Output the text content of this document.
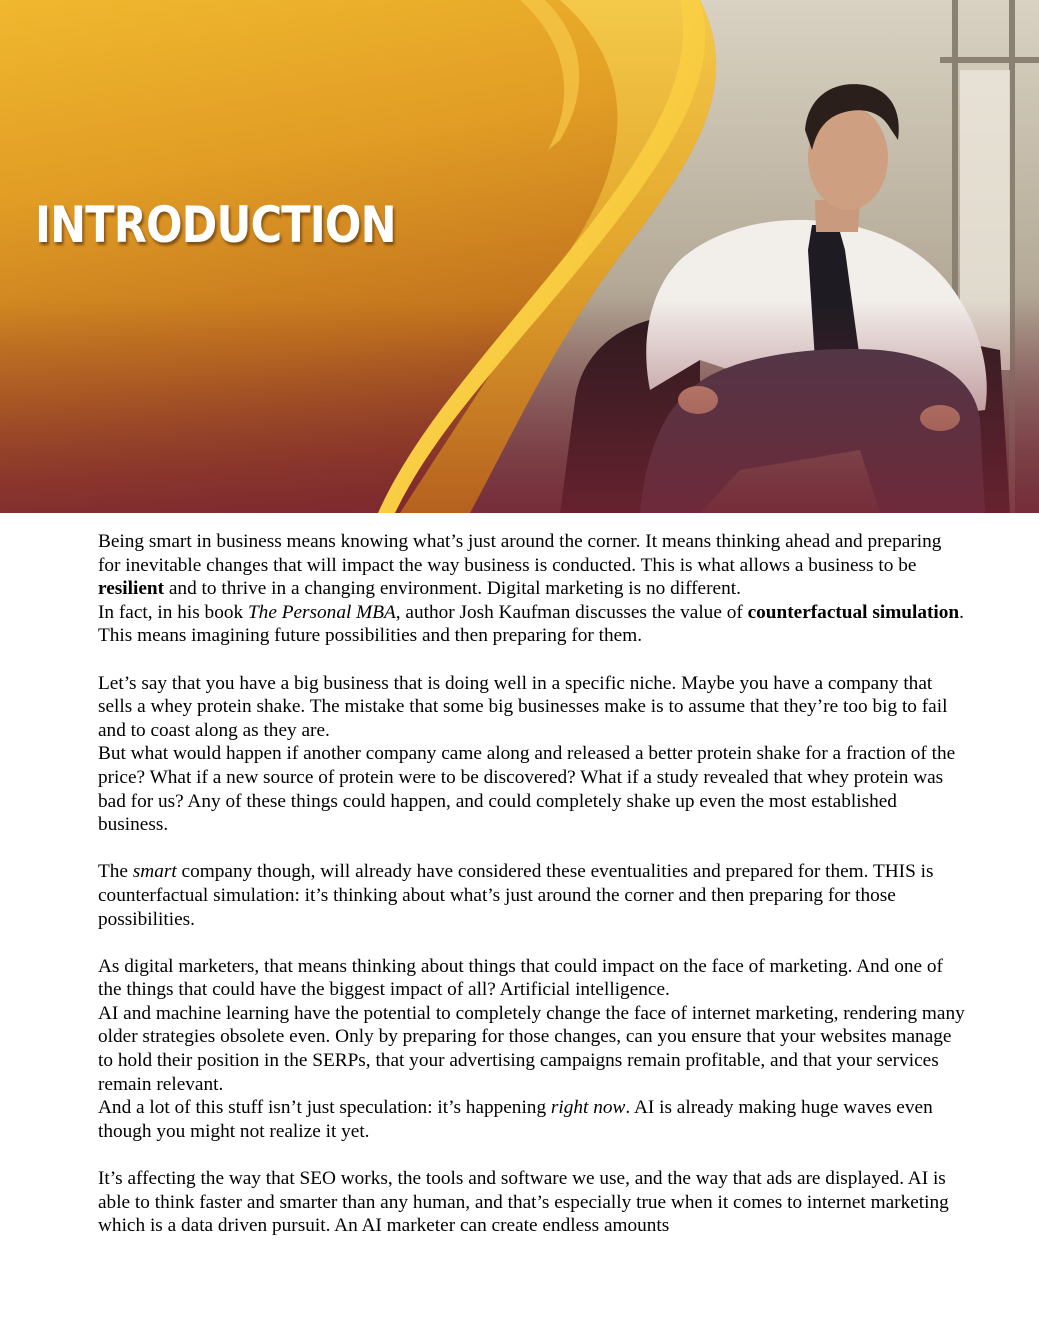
INTRODUCTION

Being smart in business means knowing what’s just around the corner. It means thinking ahead and preparing for inevitable changes that will impact the way business is conducted. This is what allows a business to be resilient and to thrive in a changing environment. Digital marketing is no different.

In fact, in his book The Personal MBA, author Josh Kaufman discusses the value of counterfactual simulation. This means imagining future possibilities and then preparing for them.

Let’s say that you have a big business that is doing well in a specific niche. Maybe you have a company that sells a whey protein shake. The mistake that some big businesses make is to assume that they’re too big to fail and to coast along as they are.

But what would happen if another company came along and released a better protein shake for a fraction of the price? What if a new source of protein were to be discovered? What if a study revealed that whey protein was bad for us? Any of these things could happen, and could completely shake up even the most established business.

The smart company though, will already have considered these eventualities and prepared for them. THIS is counterfactual simulation: it’s thinking about what’s just around the corner and then preparing for those possibilities.

As digital marketers, that means thinking about things that could impact on the face of marketing. And one of the things that could have the biggest impact of all? Artificial intelligence.

AI and machine learning have the potential to completely change the face of internet marketing, rendering many older strategies obsolete even. Only by preparing for those changes, can you ensure that your websites manage to hold their position in the SERPs, that your advertising campaigns remain profitable, and that your services remain relevant.

And a lot of this stuff isn’t just speculation: it’s happening right now. AI is already making huge waves even though you might not realize it yet.

It’s affecting the way that SEO works, the tools and software we use, and the way that ads are displayed. AI is able to think faster and smarter than any human, and that’s especially true when it comes to internet marketing which is a data driven pursuit. An AI marketer can create endless amounts
